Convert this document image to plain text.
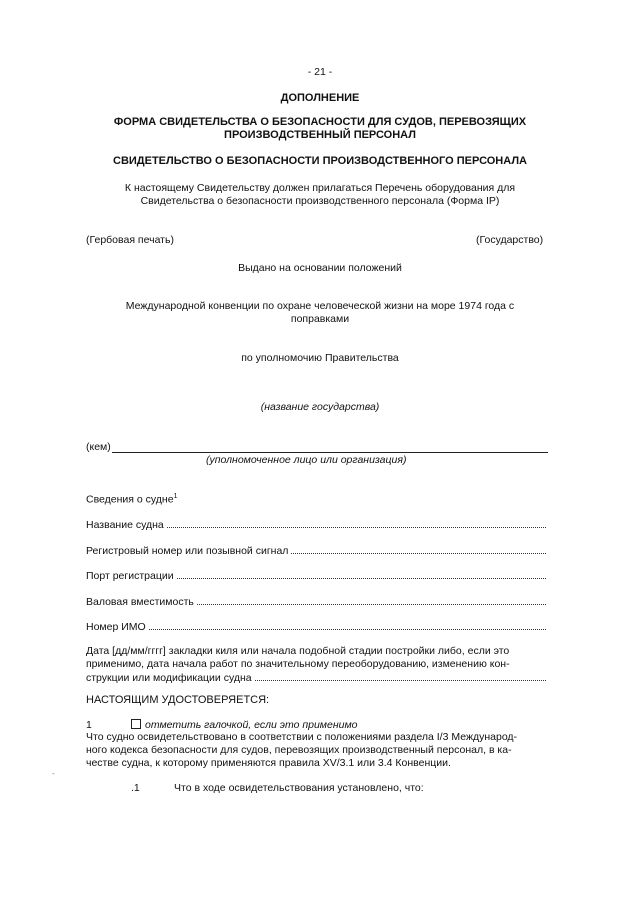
- 21 -
ДОПОЛНЕНИЕ
ФОРМА СВИДЕТЕЛЬСТВА О БЕЗОПАСНОСТИ ДЛЯ СУДОВ, ПЕРЕВОЗЯЩИХ
ПРОИЗВОДСТВЕННЫЙ ПЕРСОНАЛ
СВИДЕТЕЛЬСТВО О БЕЗОПАСНОСТИ ПРОИЗВОДСТВЕННОГО ПЕРСОНАЛА
К настоящему Свидетельству должен прилагаться Перечень оборудования для
Свидетельства о безопасности производственного персонала (Форма IP)
(Гербовая печать)	(Государство)
Выдано на основании положений
Международной конвенции по охране человеческой жизни на море 1974 года с
поправками
по уполномочию Правительства
(название государства)
(кем)
(уполномоченное лицо или организация)
Сведения о судне$^1$
Название судна
Регистровый номер или позывной сигнал
Порт регистрации
Валовая вместимость
Номер ИМО
Дата [дд/мм/гггг] закладки киля или начала подобной стадии постройки либо, если это
применимо, дата начала работ по значительному переоборудованию, изменению кон-
струкции или модификации судна
НАСТОЯЩИМ УДОСТОВЕРЯЕТСЯ:
1	отметить галочкой, если это применимо
Что судно освидетельствовано в соответствии с положениями раздела I/3 Международ-
ного кодекса безопасности для судов, перевозящих производственный персонал, в ка-
честве судна, к которому применяются правила XV/3.1 или 3.4 Конвенции.
-
.1	Что в ходе освидетельствования установлено, что:
